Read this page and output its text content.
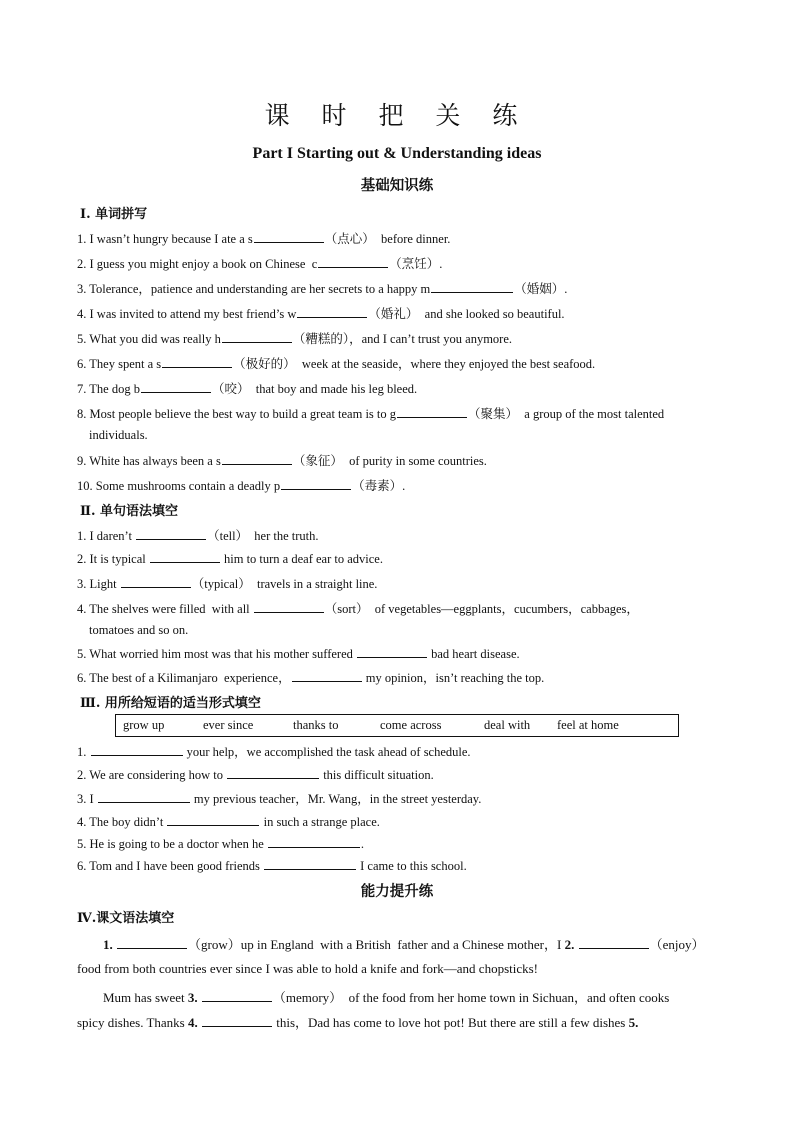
课 时 把 关 练
Part I Starting out & Understanding ideas
基础知识练
Ⅰ. 单词拼写
1. I wasn’t hungry because I ate a s	（点心）  before dinner.
2. I guess you might enjoy a book on Chinese  c	（烹饪）.
3. Tolerance，patience and understanding are her secrets to a happy m	（婚姻）.
4. I was invited to attend my best friend’s w	（婚礼）  and she looked so beautiful.
5. What you did was really h	（糟糕的），and I can’t trust you anymore.
6. They spent a s	（极好的）  week at the seaside，where they enjoyed the best seafood.
7. The dog b	（咬）  that boy and made his leg bleed.
8. Most people believe the best way to build a great team is to g	（聚集）  a group of the most talented
individuals.
9. White has always been a s	（象征）  of purity in some countries.
10. Some mushrooms contain a deadly p	（毒素）.
Ⅱ. 单句语法填空
1. I daren’t	（tell）  her the truth.
2. It is typical	him to turn a deaf ear to advice.
3. Light	（typical）  travels in a straight line.
4. The shelves were filled  with all	（sort）  of vegetables—eggplants，cucumbers，cabbages，
tomatoes and so on.
5. What worried him most was that his mother suffered	bad heart disease.
6. The best of a Kilimanjaro  experience，	my opinion，isn’t reaching the top.
Ⅲ. 用所给短语的适当形式填空
grow up	ever since	thanks to	come across	deal with feel at home
1.	your help，we accomplished the task ahead of schedule.
2. We are considering how to	this difficult situation.
3. I	my previous teacher，Mr. Wang，in the street yesterday.
4. The boy didn’t	in such a strange place.
5. He is going to be a doctor when he	.
6. Tom and I have been good friends	I came to this school.
能力提升练
Ⅳ.课文语法填空
1.	（grow）up in England  with a British  father and a Chinese mother，I 2.	（enjoy）
food from both countries ever since I was able to hold a knife and fork—and chopsticks!
Mum has sweet 3.	（memory）  of the food from her home town in Sichuan，and often cooks
spicy dishes. Thanks 4.	this，Dad has come to love hot pot! But there are still a few dishes 5.
